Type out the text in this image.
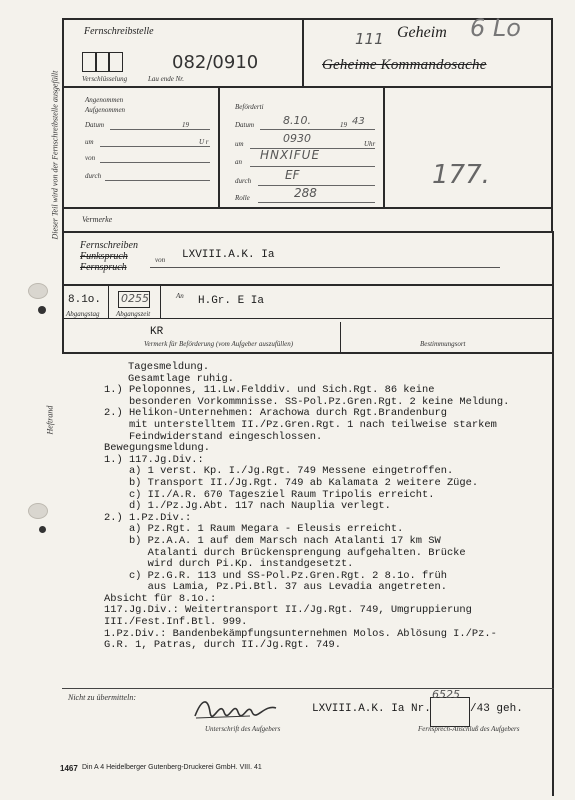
Dieser Teil wird von der Fernschreibstelle ausgefüllt
Heftrand
Fernschreibstelle
Verschlüsselung	Lau ende Nr.
082/0910
111 Geheim 6 Lo
Geheime Kommandosache
Angenommen
Aufgenommen
Datum	19
um	U r
von
durch
Beförderti
Datum	8.10.	19 43
um	0930	Uhr
an HNXIFUE
durch	EF
Rolle	288
177.
Vermerke
Fernschreiben
Funkspruch
Fernspruch
von LXVIII.A.K. Ia
8.1o.
Abgangstag
0255
Abgangszeit
An H.Gr. E Ia
KR
Vermerk für Beförderung (vom Aufgeber auszufüllen)	Bestimmungsort
Tagesmeldung.
Gesamtlage ruhig.
1.) Peloponnes, 11.Lw.Felddiv. und Sich.Rgt. 86 keine
besonderen Vorkommnisse. SS-Pol.Pz.Gren.Rgt. 2 keine Meldung.
2.) Helikon-Unternehmen: Arachowa durch Rgt.Brandenburg
mit unterstelltem II./Pz.Gren.Rgt. 1 nach teilweise starkem
Feindwiderstand eingeschlossen.
Bewegungsmeldung.
1.) 117.Jg.Div.:
a) 1 verst. Kp. I./Jg.Rgt. 749 Messene eingetroffen.
b) Transport II./Jg.Rgt. 749 ab Kalamata 2 weitere Züge.
c) II./A.R. 670 Tagesziel Raum Tripolis erreicht.
d) 1./Pz.Jg.Abt. 117 nach Nauplia verlegt.
2.) 1.Pz.Div.:
a) Pz.Rgt. 1 Raum Megara - Eleusis erreicht.
b) Pz.A.A. 1 auf dem Marsch nach Atalanti 17 km SW
Atalanti durch Brückensprengung aufgehalten. Brücke
wird durch Pi.Kp. instandgesetzt.
c) Pz.G.R. 113 und SS-Pol.Pz.Gren.Rgt. 2 8.1o. früh
aus Lamia, Pz.Pi.Btl. 37 aus Levadia angetreten.
Absicht für 8.1o.:
117.Jg.Div.: Weitertransport II./Jg.Rgt. 749, Umgruppierung
III./Fest.Inf.Btl. 999.
1.Pz.Div.: Bandenbekämpfungsunternehmen Molos. Ablösung I./Pz.-
G.R. 1, Patras, durch II./Jg.Rgt. 749.
Nicht zu übermitteln:
Unterschrift des Aufgebers
LXVIII.A.K. Ia Nr.
6525
/43 geh.
Fernsprech-Anschluß des Aufgebers
1467 Din A 4 Heidelberger Gutenberg-Druckerei GmbH. VIII. 41
